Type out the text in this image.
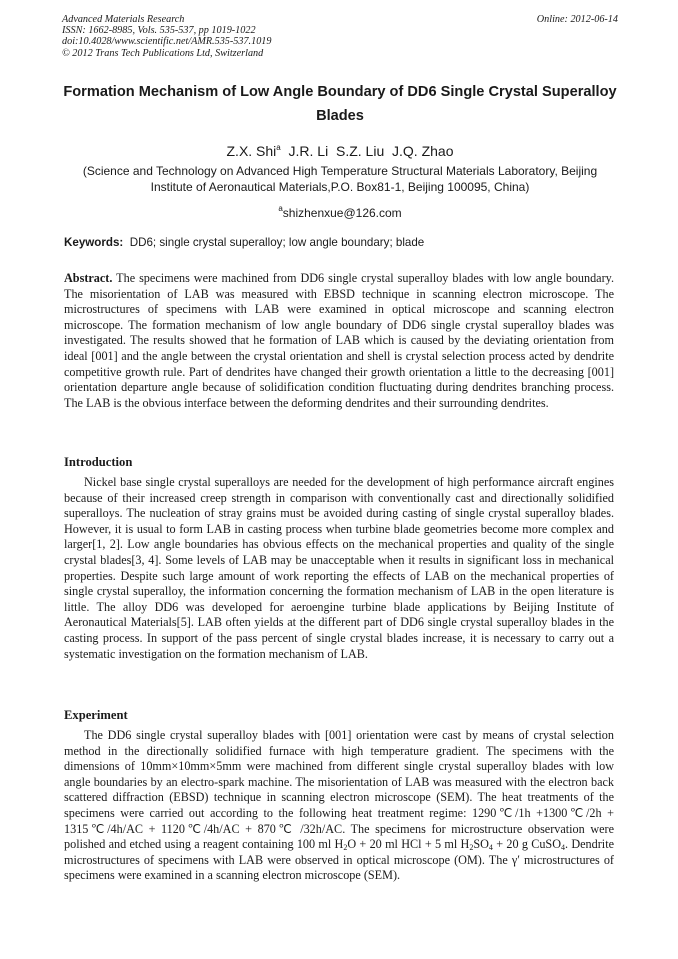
Advanced Materials Research
ISSN: 1662-8985, Vols. 535-537, pp 1019-1022
doi:10.4028/www.scientific.net/AMR.535-537.1019
© 2012 Trans Tech Publications Ltd, Switzerland
Online: 2012-06-14
Formation Mechanism of Low Angle Boundary of DD6 Single Crystal Superalloy Blades
Z.X. Shi$^a$ J.R. Li  S.Z. Liu  J.Q. Zhao
(Science and Technology on Advanced High Temperature Structural Materials Laboratory, Beijing Institute of Aeronautical Materials,P.O. Box81-1, Beijing 100095, China)
$^a$shizhenxue@126.com
Keywords: DD6; single crystal superalloy; low angle boundary; blade
Abstract. The specimens were machined from DD6 single crystal superalloy blades with low angle boundary. The misorientation of LAB was measured with EBSD technique in scanning electron microscope. The microstructures of specimens with LAB were examined in optical microscope and scanning electron microscope. The formation mechanism of low angle boundary of DD6 single crystal superalloy blades was investigated. The results showed that he formation of LAB which is caused by the deviating orientation from ideal [001] and the angle between the crystal orientation and shell is crystal selection process acted by dendrite competitive growth rule. Part of dendrites have changed their growth orientation a little to the decreasing [001] orientation departure angle because of solidification condition fluctuating during dendrites branching process. The LAB is the obvious interface between the deforming dendrites and their surrounding dendrites.
Introduction
Nickel base single crystal superalloys are needed for the development of high performance aircraft engines because of their increased creep strength in comparison with conventionally cast and directionally solidified superalloys. The nucleation of stray grains must be avoided during casting of single crystal superalloy blades. However, it is usual to form LAB in casting process when turbine blade geometries become more complex and larger[1, 2]. Low angle boundaries has obvious effects on the mechanical properties and quality of the single crystal blades[3, 4]. Some levels of LAB may be unacceptable when it results in significant loss in mechanical properties. Despite such large amount of work reporting the effects of LAB on the mechanical properties of single crystal superalloy, the information concerning the formation mechanism of LAB in the open literature is little. The alloy DD6 was developed for aeroengine turbine blade applications by Beijing Institute of Aeronautical Materials[5]. LAB often yields at the different part of DD6 single crystal superalloy blades in the casting process. In support of the pass percent of single crystal blades increase, it is necessary to carry out a systematic investigation on the formation mechanism of LAB.
Experiment
The DD6 single crystal superalloy blades with [001] orientation were cast by means of crystal selection method in the directionally solidified furnace with high temperature gradient. The specimens with the dimensions of 10mm×10mm×5mm were machined from different single crystal superalloy blades with low angle boundaries by an electro-spark machine. The misorientation of LAB was measured with the electron back scattered diffraction (EBSD) technique in scanning electron microscope (SEM). The heat treatments of the specimens were carried out according to the following heat treatment regime: 1290℃/1h +1300℃/2h + 1315℃/4h/AC + 1120℃/4h/AC + 870℃ /32h/AC. The specimens for microstructure observation were polished and etched using a reagent containing 100 ml $H_2O + 20$ ml HCl + 5 ml $H_2SO_4 + 20$ g CuSO$_4$. Dendrite microstructures of specimens with LAB were observed in optical microscope (OM). The γ′ microstructures of specimens were examined in a scanning electron microscope (SEM).
